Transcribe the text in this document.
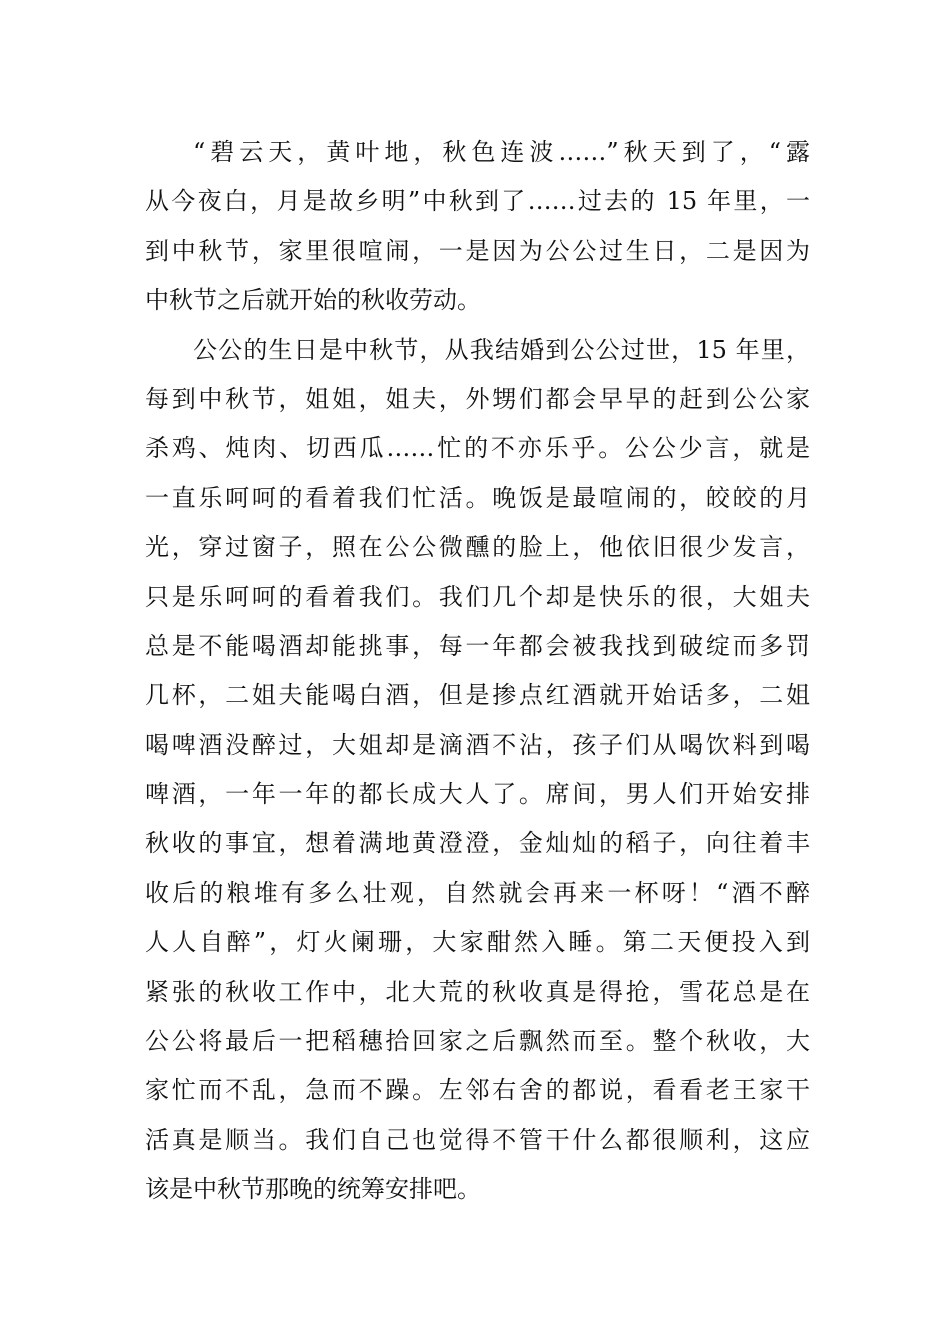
“碧云天，黄叶地，秋色连波……”秋天到了，“露
从今夜白，月是故乡明”中秋到了……过去的 15 年里，一
到中秋节，家里很喧闹，一是因为公公过生日，二是因为
中秋节之后就开始的秋收劳动。
公公的生日是中秋节，从我结婚到公公过世，15 年里，
每到中秋节，姐姐，姐夫，外甥们都会早早的赶到公公家
杀鸡、炖肉、切西瓜……忙的不亦乐乎。公公少言，就是
一直乐呵呵的看着我们忙活。晚饭是最喧闹的，皎皎的月
光，穿过窗子，照在公公微醺的脸上，他依旧很少发言，
只是乐呵呵的看着我们。我们几个却是快乐的很，大姐夫
总是不能喝酒却能挑事，每一年都会被我找到破绽而多罚
几杯，二姐夫能喝白酒，但是掺点红酒就开始话多，二姐
喝啤酒没醉过，大姐却是滴酒不沾，孩子们从喝饮料到喝
啤酒，一年一年的都长成大人了。席间，男人们开始安排
秋收的事宜，想着满地黄澄澄，金灿灿的稻子，向往着丰
收后的粮堆有多么壮观，自然就会再来一杯呀！“酒不醉
人人自醉”，灯火阑珊，大家酣然入睡。第二天便投入到
紧张的秋收工作中，北大荒的秋收真是得抢，雪花总是在
公公将最后一把稻穗拾回家之后飘然而至。整个秋收，大
家忙而不乱，急而不躁。左邻右舍的都说，看看老王家干
活真是顺当。我们自己也觉得不管干什么都很顺利，这应
该是中秋节那晚的统筹安排吧。
